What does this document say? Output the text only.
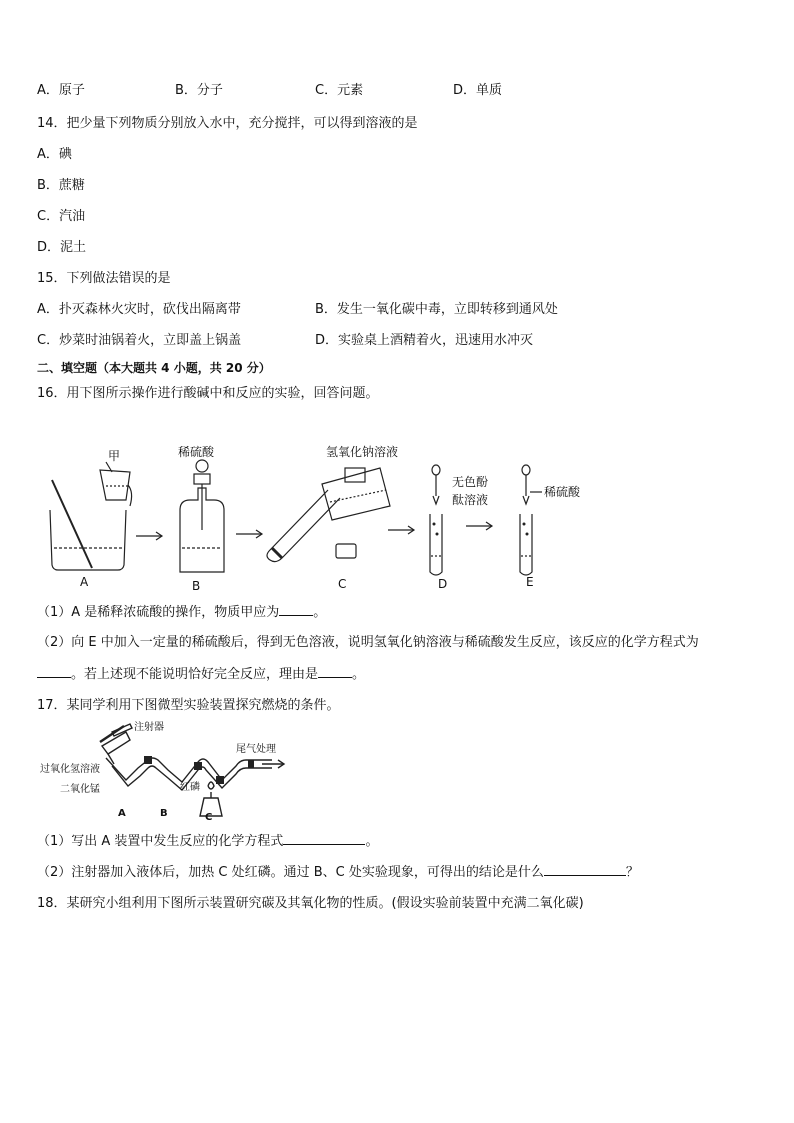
A．原子	B．分子	C．元素	D．单质
14．把少量下列物质分别放入水中，充分搅拌，可以得到溶液的是
A．碘
B．蔗糖
C．汽油
D．泥土
15．下列做法错误的是
A．扑灭森林火灾时，砍伐出隔离带	B．发生一氧化碳中毒，立即转移到通风处
C．炒菜时油锅着火，立即盖上锅盖	D．实验桌上酒精着火，迅速用水冲灭
二、填空题（本大题共 4 小题，共 20 分）
16．用下图所示操作进行酸碱中和反应的实验，回答问题。
甲	稀硫酸	氢氧化钠溶液
无色酚
酞溶液
稀硫酸
A	B	C	D	E
（1）A 是稀释浓硫酸的操作，物质甲应为	。
（2）向 E 中加入一定量的稀硫酸后，得到无色溶液，说明氢氧化钠溶液与稀硫酸发生反应，该反应的化学方程式为
。若上述现不能说明恰好完全反应，理由是	。
17．某同学利用下图微型实验装置探究燃烧的条件。
注射器
尾气处理
过氧化氢溶液
二氧化锰	红磷
A	B	C
（1）写出 A 装置中发生反应的化学方程式	。
（2）注射器加入液体后，加热 C 处红磷。通过 B、C 处实验现象，可得出的结论是什么	？
18．某研究小组利用下图所示装置研究碳及其氧化物的性质。(假设实验前装置中充满二氧化碳)
